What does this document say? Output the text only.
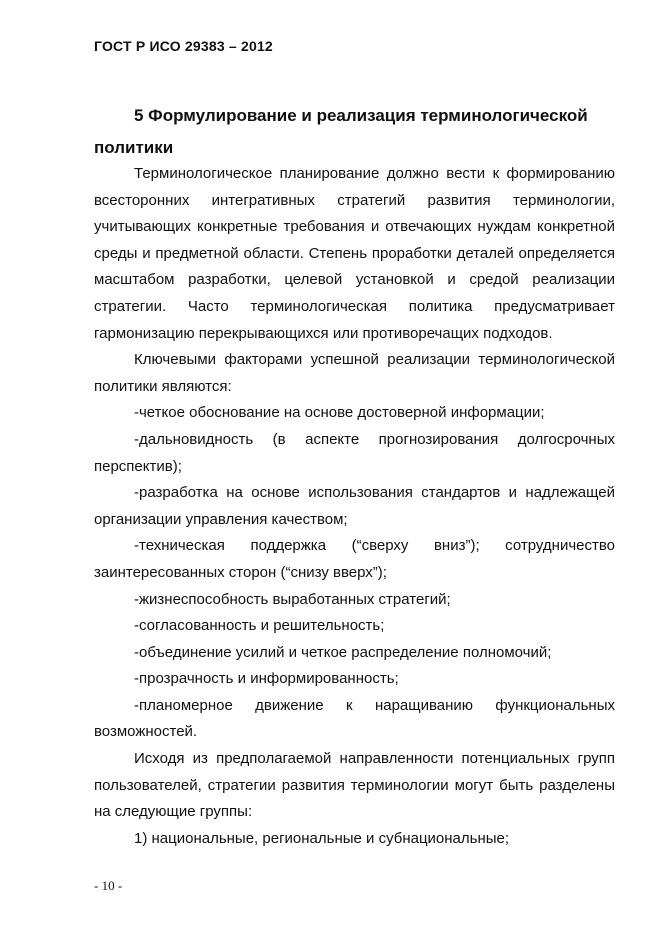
ГОСТ Р ИСО 29383 – 2012
5 Формулирование и реализация терминологической политики

Терминологическое планирование должно вести к формированию всесторонних интегративных стратегий развития терминологии, учитывающих конкретные требования и отвечающих нуждам конкретной среды и предметной области. Степень проработки деталей определяется масштабом разработки, целевой установкой и средой реализации стратегии. Часто терминологическая политика предусматривает гармонизацию перекрывающихся или противоречащих подходов.

Ключевыми факторами успешной реализации терминологической политики являются:

-четкое обоснование на основе достоверной информации;

-дальновидность (в аспекте прогнозирования долгосрочных перспектив);

-разработка на основе использования стандартов и надлежащей организации управления качеством;

-техническая поддержка (“сверху вниз”); сотрудничество заинтересованных сторон (“снизу вверх”);

-жизнеспособность выработанных стратегий;

-согласованность и решительность;

-объединение усилий и четкое распределение полномочий;

-прозрачность и информированность;

-планомерное движение к наращиванию функциональных возможностей.

Исходя из предполагаемой направленности потенциальных групп пользователей, стратегии развития терминологии могут быть разделены на следующие группы:

1) национальные, региональные и субнациональные;

- 10 -
